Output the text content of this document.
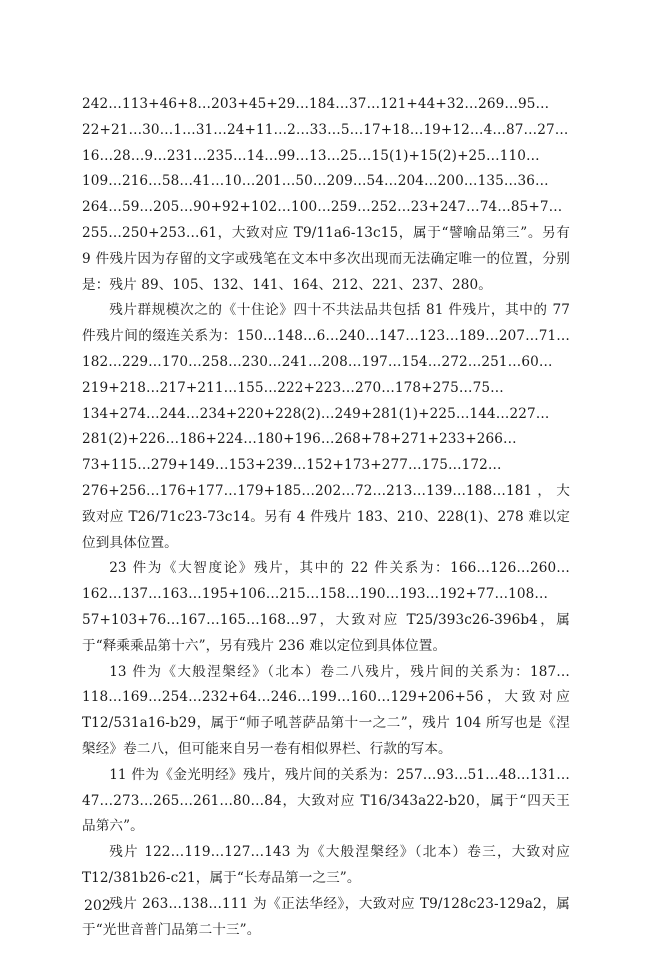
242…113+46+8…203+45+29…184…37…121+44+32…269…95…22+21…30…1…31…24+11…2…33…5…17+18…19+12…4…87…27…16…28…9…231…235…14…99…13…25…15(1)+15(2)+25…110…109…216…58…41…10…201…50…209…54…204…200…135…36…264…59…205…90+92+102…100…259…252…23+247…74…85+7…255…250+253…61，大致对应 T9/11a6-13c15，属于“譬喻品第三”。另有 9 件残片因为存留的文字或残笔在文本中多次出现而无法确定唯一的位置，分别是：残片 89、105、132、141、164、212、221、237、280。

残片群规模次之的《十住论》四十不共法品共包括 81 件残片，其中的 77 件残片间的缀连关系为：150…148…6…240…147…123…189…207…71…182…229…170…258…230…241…208…197…154…272…251…60…219+218…217+211…155…222+223…270…178+275…75…134+274…244…234+220+228(2)…249+281(1)+225…144…227…281(2)+226…186+224…180+196…268+78+271+233+266…73+115…279+149…153+239…152+173+277…175…172…276+256…176+177…179+185…202…72…213…139…188…181，大致对应 T26/71c23-73c14。另有 4 件残片 183、210、228(1)、278 难以定位到具体位置。

23 件为《大智度论》残片，其中的 22 件关系为：166…126…260…162…137…163…195+106…215…158…190…193…192+77…108…57+103+76…167…165…168…97，大致对应 T25/393c26-396b4，属于“释乘乘品第十六”，另有残片 236 难以定位到具体位置。

13 件为《大般涅槃经》（北本）卷二八残片，残片间的关系为：187…118…169…254…232+64…246…199…160…129+206+56，大致对应 T12/531a16-b29，属于“师子吼菩萨品第十一之二”，残片 104 所写也是《涅槃经》卷二八，但可能来自另一卷有相似界栏、行款的写本。

11 件为《金光明经》残片，残片间的关系为：257…93…51…48…131…47…273…265…261…80…84，大致对应 T16/343a22-b20，属于“四天王品第六”。

残片 122…119…127…143 为《大般涅槃经》（北本）卷三，大致对应 T12/381b26-c21，属于“长寿品第一之三”。

残片 263…138…111 为《正法华经》，大致对应 T9/128c23-129a2，属于“光世音普门品第二十三”。

202
